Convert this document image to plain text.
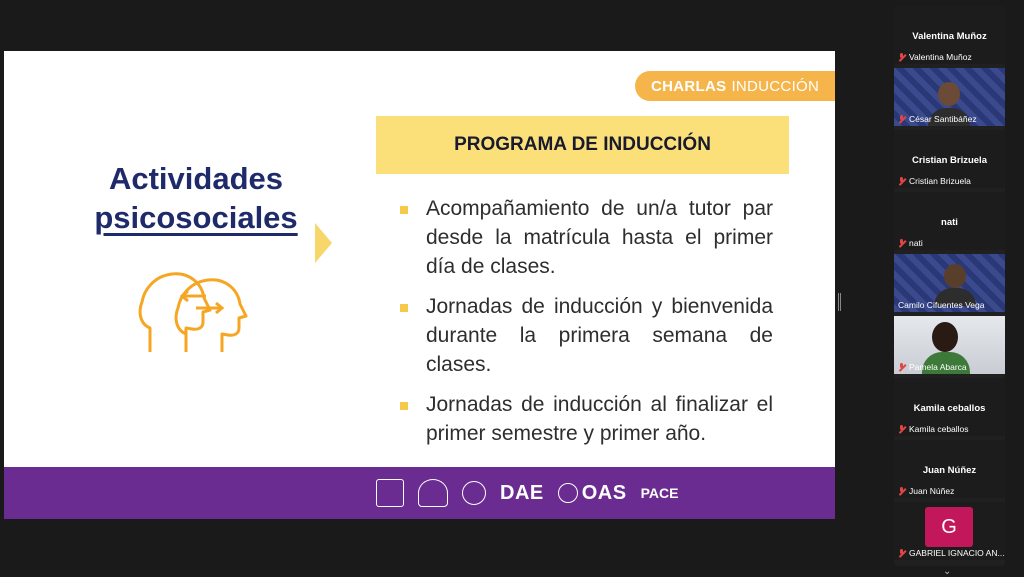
CHARLAS INDUCCIÓN
Actividades
psicosociales
PROGRAMA DE INDUCCIÓN
Acompañamiento de un/a tutor par desde la matrícula hasta el primer día de clases.
Jornadas de inducción y bienvenida durante la primera semana de clases.
Jornadas de inducción al finalizar el primer semestre y primer año.
DAE OAS PACE
Valentina Muñoz
Valentina Muñoz
César Santibáñez
Cristian Brizuela
Cristian Brizuela
nati
nati
Camilo Cifuentes Vega
Pamela Abarca
Kamila ceballos
Kamila ceballos
Juan Núñez
Juan Núñez
G
GABRIEL IGNACIO AN...
⌄
